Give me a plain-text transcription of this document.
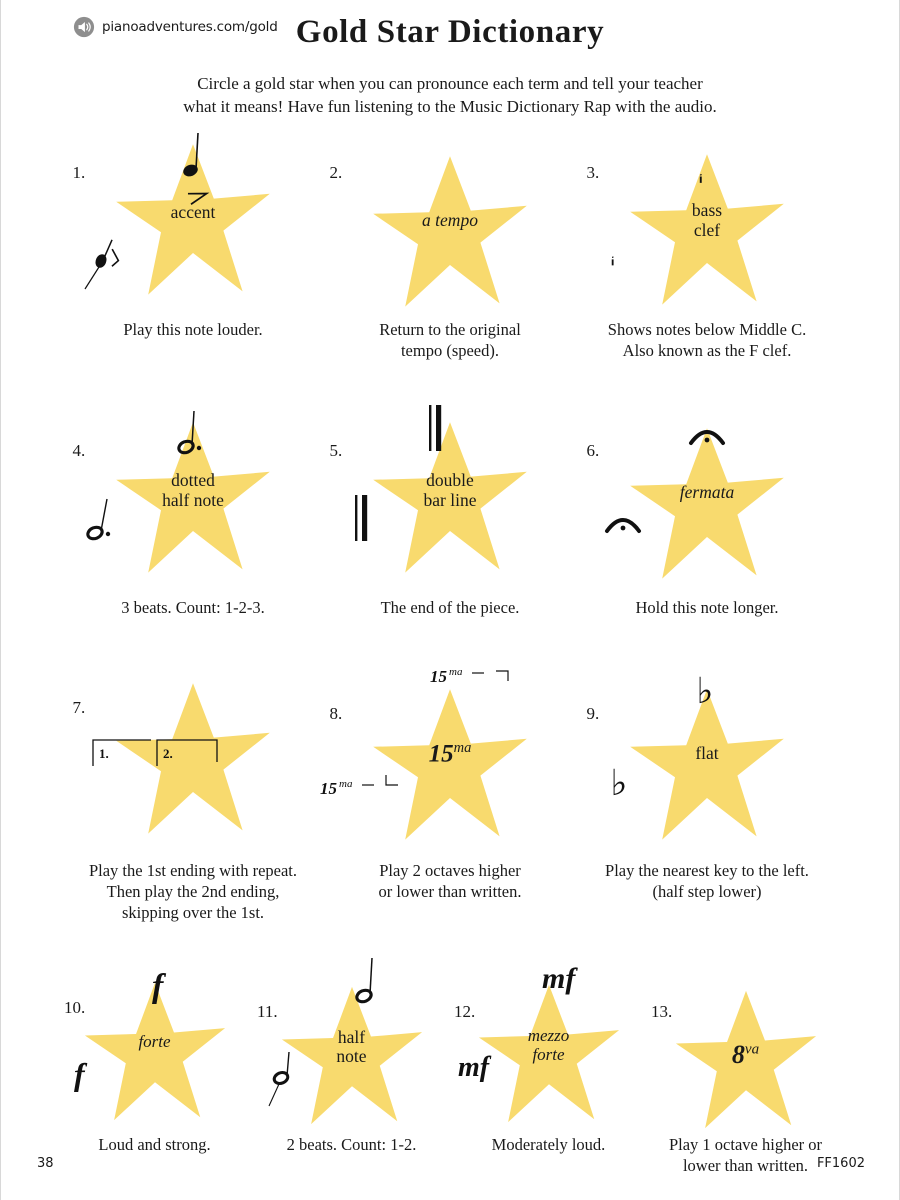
pianoadventures.com/gold Gold Star Dictionary
Circle a gold star when you can pronounce each term and tell your teacher
what it means! Have fun listening to the Music Dictionary Rap with the audio.
1.
accent
Play this note louder.
2.
a tempo
Return to the original
tempo (speed).
3.
bass
clef
𝃣
𝃣
Shows notes below Middle C.
Also known as the F clef.
4.
dotted
half note
3 beats. Count: 1-2-3.
5.
double
bar line
The end of the piece.
6.
fermata
Hold this note longer.
7.
1.	2.
Play the 1st ending with repeat.
Then play the 2nd ending,
skipping over the 1st.
8.
$15^{ma}$
15 ma
15 ma
Play 2 octaves higher
or lower than written.
9.
flat
♭
♭
Play the nearest key to the left.
(half step lower)
10.
forte
f
f
Loud and strong.
11.
half
note
2 beats. Count: 1-2.
12.
mezzo
forte
mf
mf
Moderately loud.
13.
$8^{va}$
Play 1 octave higher or
lower than written.
38	FF1602
